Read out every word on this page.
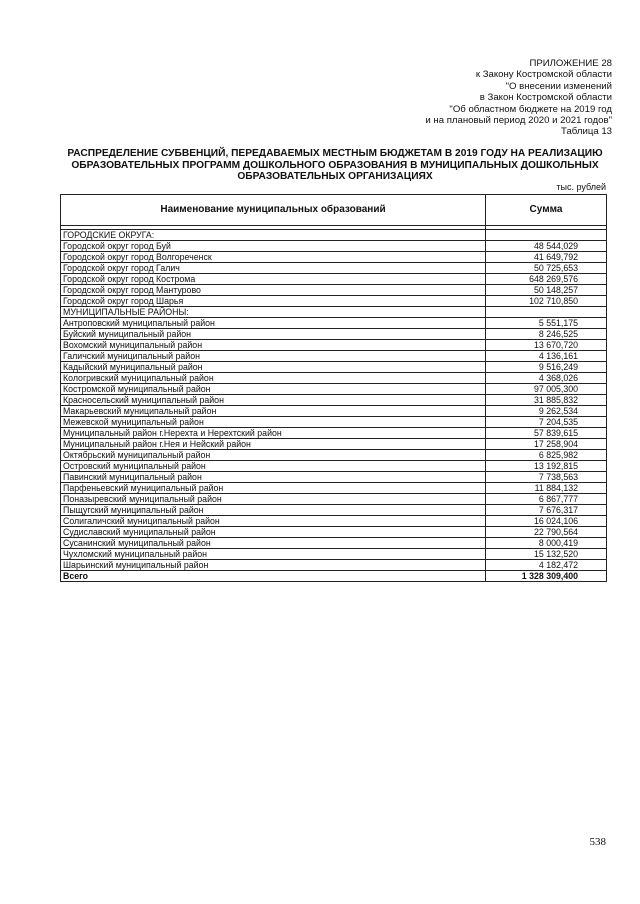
ПРИЛОЖЕНИЕ 28
к Закону Костромской области
"О внесении изменений
в Закон Костромской области
"Об областном бюджете на 2019 год
и на плановый период 2020 и 2021 годов"
Таблица 13
РАСПРЕДЕЛЕНИЕ СУБВЕНЦИЙ, ПЕРЕДАВАЕМЫХ МЕСТНЫМ БЮДЖЕТАМ В 2019 ГОДУ НА РЕАЛИЗАЦИЮ
ОБРАЗОВАТЕЛЬНЫХ ПРОГРАММ ДОШКОЛЬНОГО ОБРАЗОВАНИЯ В МУНИЦИПАЛЬНЫХ ДОШКОЛЬНЫХ
ОБРАЗОВАТЕЛЬНЫХ ОРГАНИЗАЦИЯХ
тыс. рублей
Наименование муниципальных образований	Сумма

ГОРОДСКИЕ ОКРУГА:	
Городской округ город Буй	48 544,029
Городской округ город Волгореченск	41 649,792
Городской округ город Галич	50 725,653
Городской округ город Кострома	648 269,576
Городской округ город Мантурово	50 148,257
Городской округ город Шарья	102 710,850
МУНИЦИПАЛЬНЫЕ РАЙОНЫ:	
Антроповский муниципальный район	5 551,175
Буйский муниципальный район	8 246,525
Вохомский муниципальный район	13 670,720
Галичский муниципальный район	4 136,161
Кадыйский муниципальный район	9 516,249
Кологривский муниципальный район	4 368,026
Костромской муниципальный район	97 005,300
Красносельский муниципальный район	31 885,832
Макарьевский муниципальный район	9 262,534
Межевской муниципальный район	7 204,535
Муниципальный район г.Нерехта и Нерехтский район	57 839,615
Муниципальный район г.Нея и Нейский район	17 258,904
Октябрьский муниципальный район	6 825,982
Островский муниципальный район	13 192,815
Павинский муниципальный район	7 738,563
Парфеньевский муниципальный район	11 884,132
Поназыревский муниципальный район	6 867,777
Пыщугский муниципальный район	7 676,317
Солигаличский муниципальный район	16 024,106
Судиславский муниципальный район	22 790,564
Сусанинский муниципальный район	8 000,419
Чухломский муниципальный район	15 132,520
Шарьинский муниципальный район	4 182,472
Всего	1 328 309,400
538
